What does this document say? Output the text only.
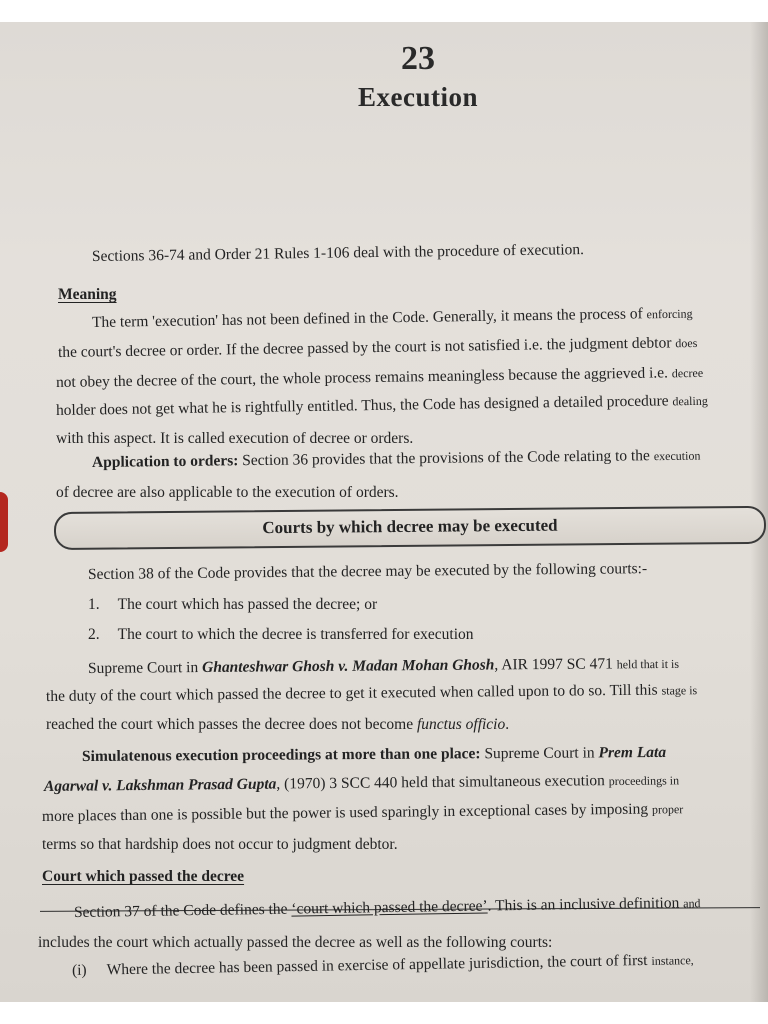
23
Execution
Sections 36-74 and Order 21 Rules 1-106 deal with the procedure of execution.
Meaning
The term 'execution' has not been defined in the Code. Generally, it means the process of enforcing
the court's decree or order. If the decree passed by the court is not satisfied i.e. the judgment debtor does
not obey the decree of the court, the whole process remains meaningless because the aggrieved i.e. decree
holder does not get what he is rightfully entitled. Thus, the Code has designed a detailed procedure dealing
with this aspect. It is called execution of decree or orders.
Application to orders: Section 36 provides that the provisions of the Code relating to the execution
of decree are also applicable to the execution of orders.
Courts by which decree may be executed
Section 38 of the Code provides that the decree may be executed by the following courts:-
1. The court which has passed the decree; or
2. The court to which the decree is transferred for execution
Supreme Court in Ghanteshwar Ghosh v. Madan Mohan Ghosh, AIR 1997 SC 471 held that it is
the duty of the court which passed the decree to get it executed when called upon to do so. Till this stage is
reached the court which passes the decree does not become functus officio.
Simulatenous execution proceedings at more than one place: Supreme Court in Prem Lata
Agarwal v. Lakshman Prasad Gupta, (1970) 3 SCC 440 held that simultaneous execution proceedings in
more places than one is possible but the power is used sparingly in exceptional cases by imposing proper
terms so that hardship does not occur to judgment debtor.
Court which passed the decree
Section 37 of the Code defines the ‘court which passed the decree’. This is an inclusive definition and
includes the court which actually passed the decree as well as the following courts:
(i) Where the decree has been passed in exercise of appellate jurisdiction, the court of first instance,
